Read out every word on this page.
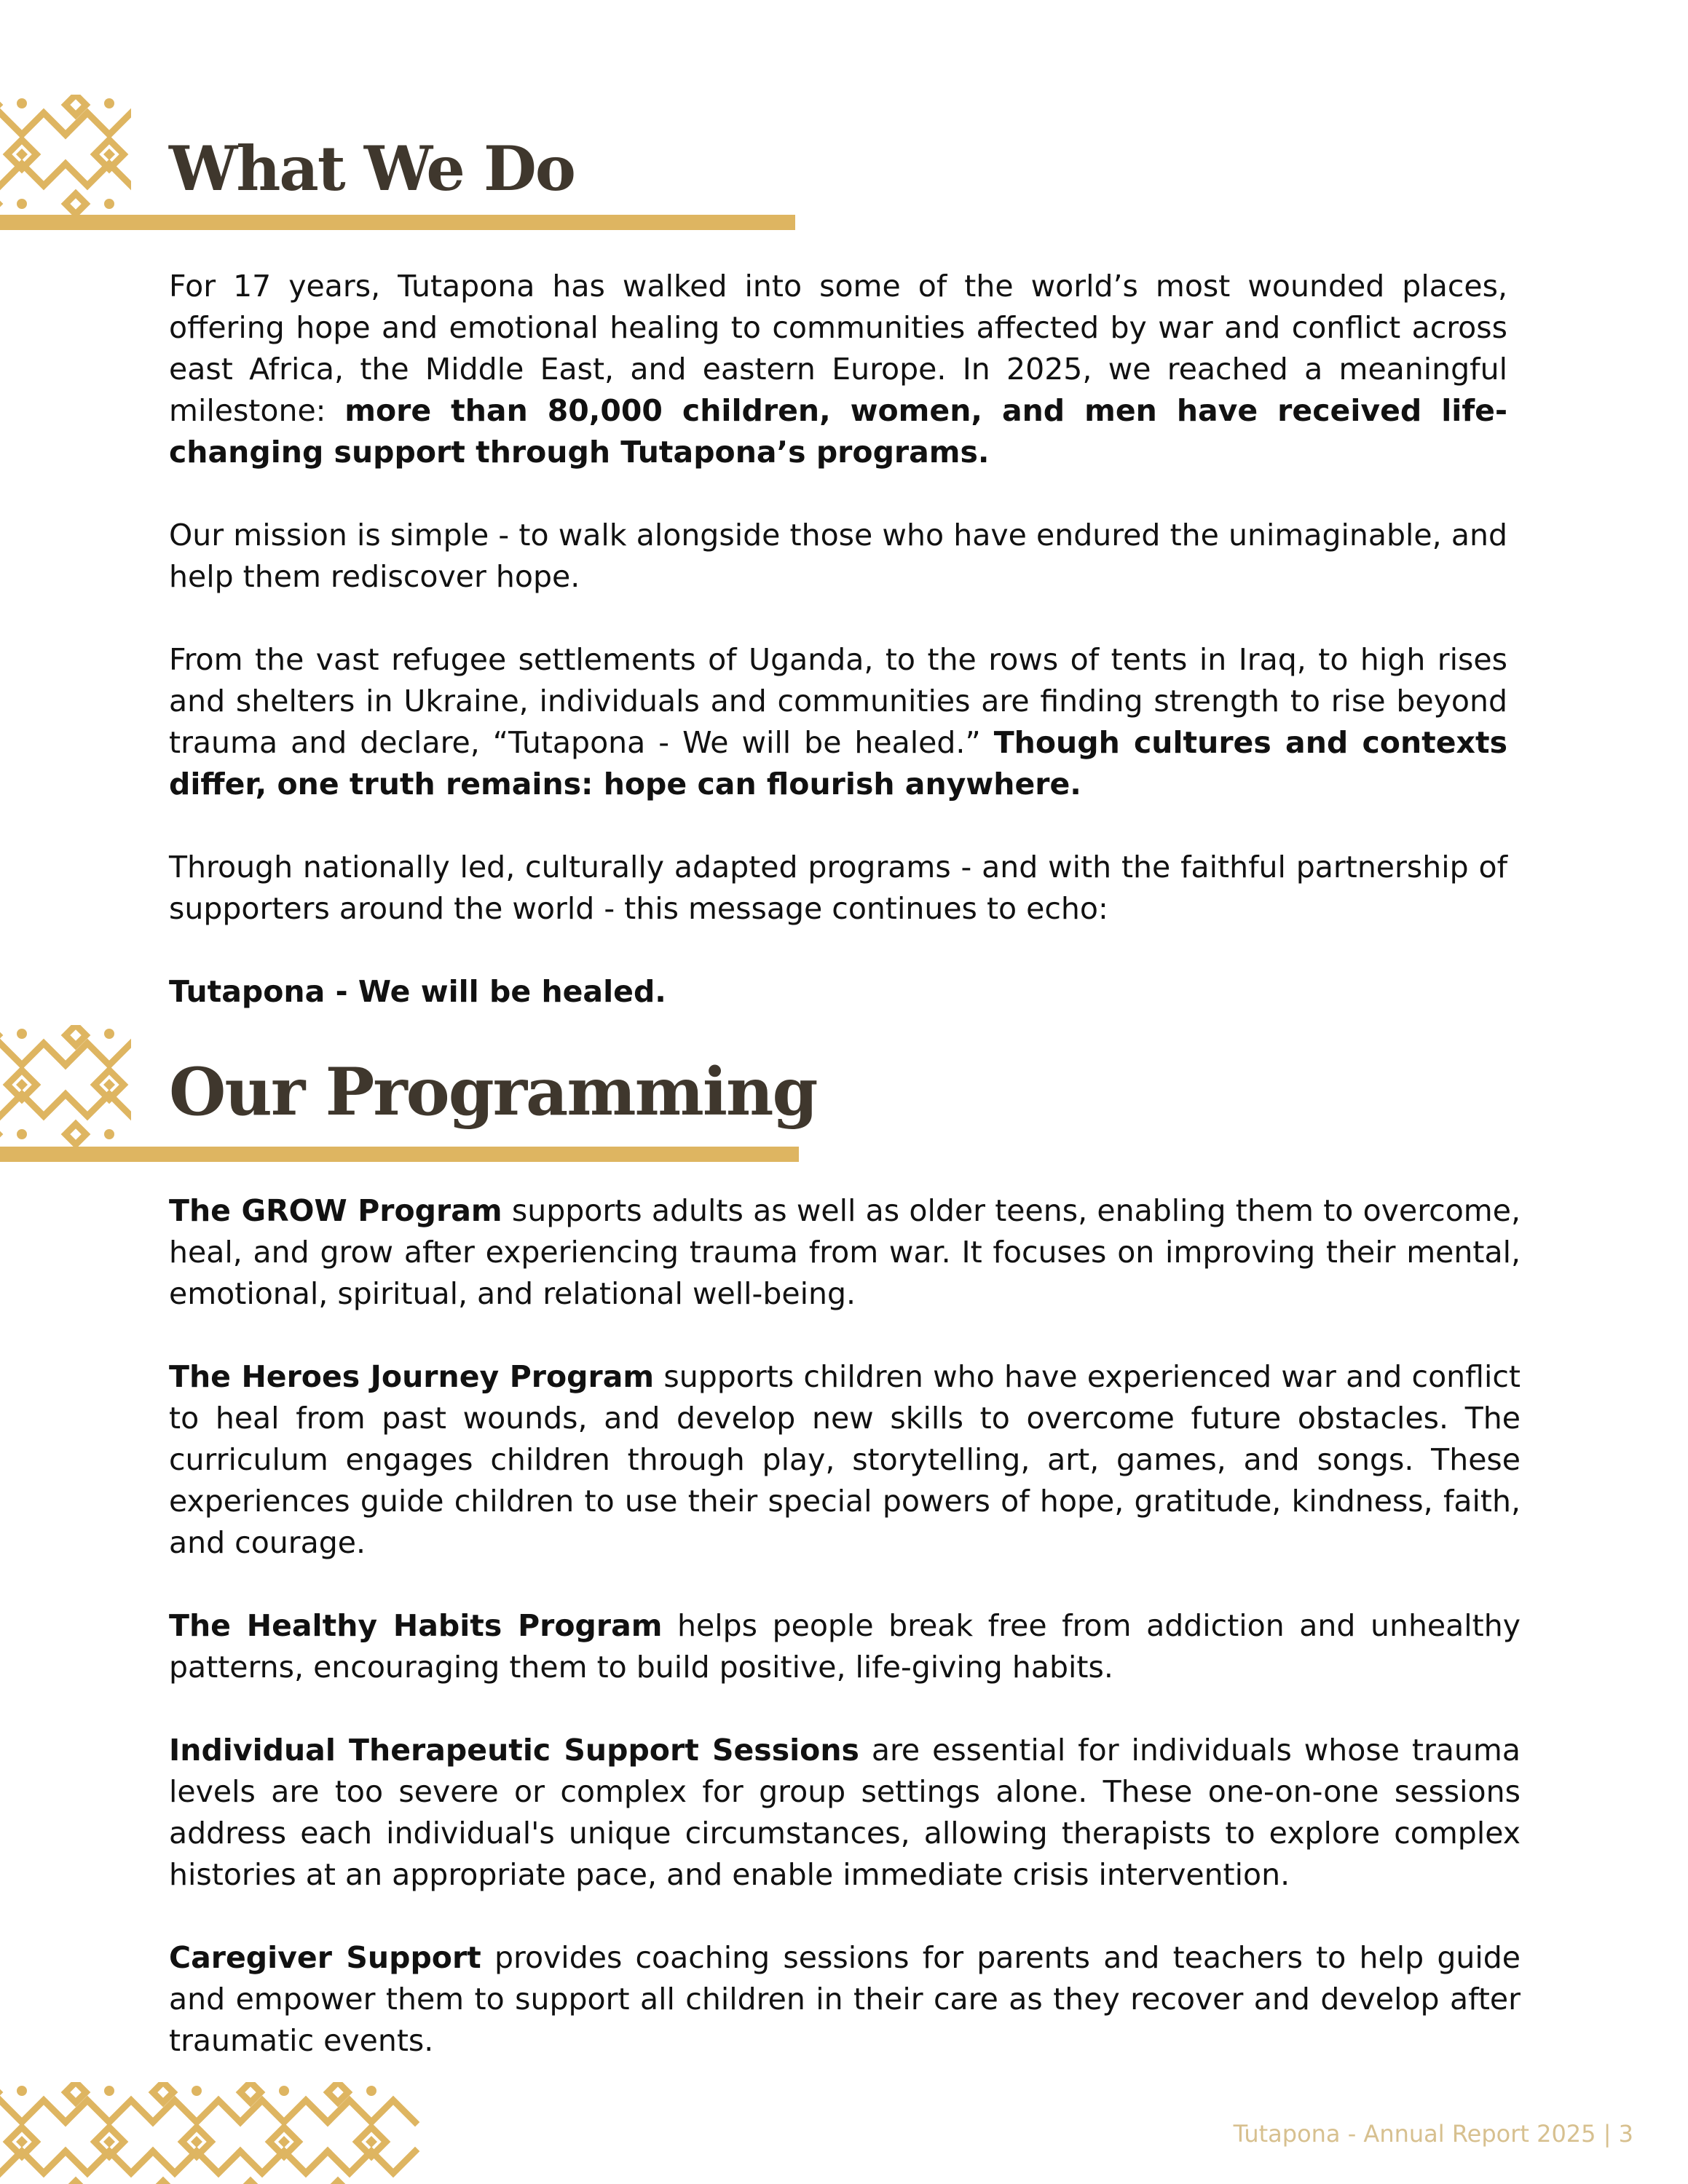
What We Do

For 17 years, Tutapona has walked into some of the world’s most wounded places, offering hope and emotional healing to communities affected by war and conflict across east Africa, the Middle East, and eastern Europe. In 2025, we reached a meaningful milestone: more than 80,000 children, women, and men have received life-changing support through Tutapona’s programs.

Our mission is simple - to walk alongside those who have endured the unimaginable, and help them rediscover hope.

From the vast refugee settlements of Uganda, to the rows of tents in Iraq, to high rises and shelters in Ukraine, individuals and communities are finding strength to rise beyond trauma and declare, “Tutapona - We will be healed.” Though cultures and contexts differ, one truth remains: hope can flourish anywhere.

Through nationally led, culturally adapted programs - and with the faithful partnership of supporters around the world - this message continues to echo:

Tutapona - We will be healed.

Our Programming

The GROW Program supports adults as well as older teens, enabling them to overcome, heal, and grow after experiencing trauma from war. It focuses on improving their mental, emotional, spiritual, and relational well-being.

The Heroes Journey Program supports children who have experienced war and conflict to heal from past wounds, and develop new skills to overcome future obstacles. The curriculum engages children through play, storytelling, art, games, and songs. These experiences guide children to use their special powers of hope, gratitude, kindness, faith, and courage.

The Healthy Habits Program helps people break free from addiction and unhealthy patterns, encouraging them to build positive, life-giving habits.

Individual Therapeutic Support Sessions are essential for individuals whose trauma levels are too severe or complex for group settings alone. These one-on-one sessions address each individual's unique circumstances, allowing therapists to explore complex histories at an appropriate pace, and enable immediate crisis intervention.

Caregiver Support provides coaching sessions for parents and teachers to help guide and empower them to support all children in their care as they recover and develop after traumatic events.

Tutapona - Annual Report 2025 | 3
